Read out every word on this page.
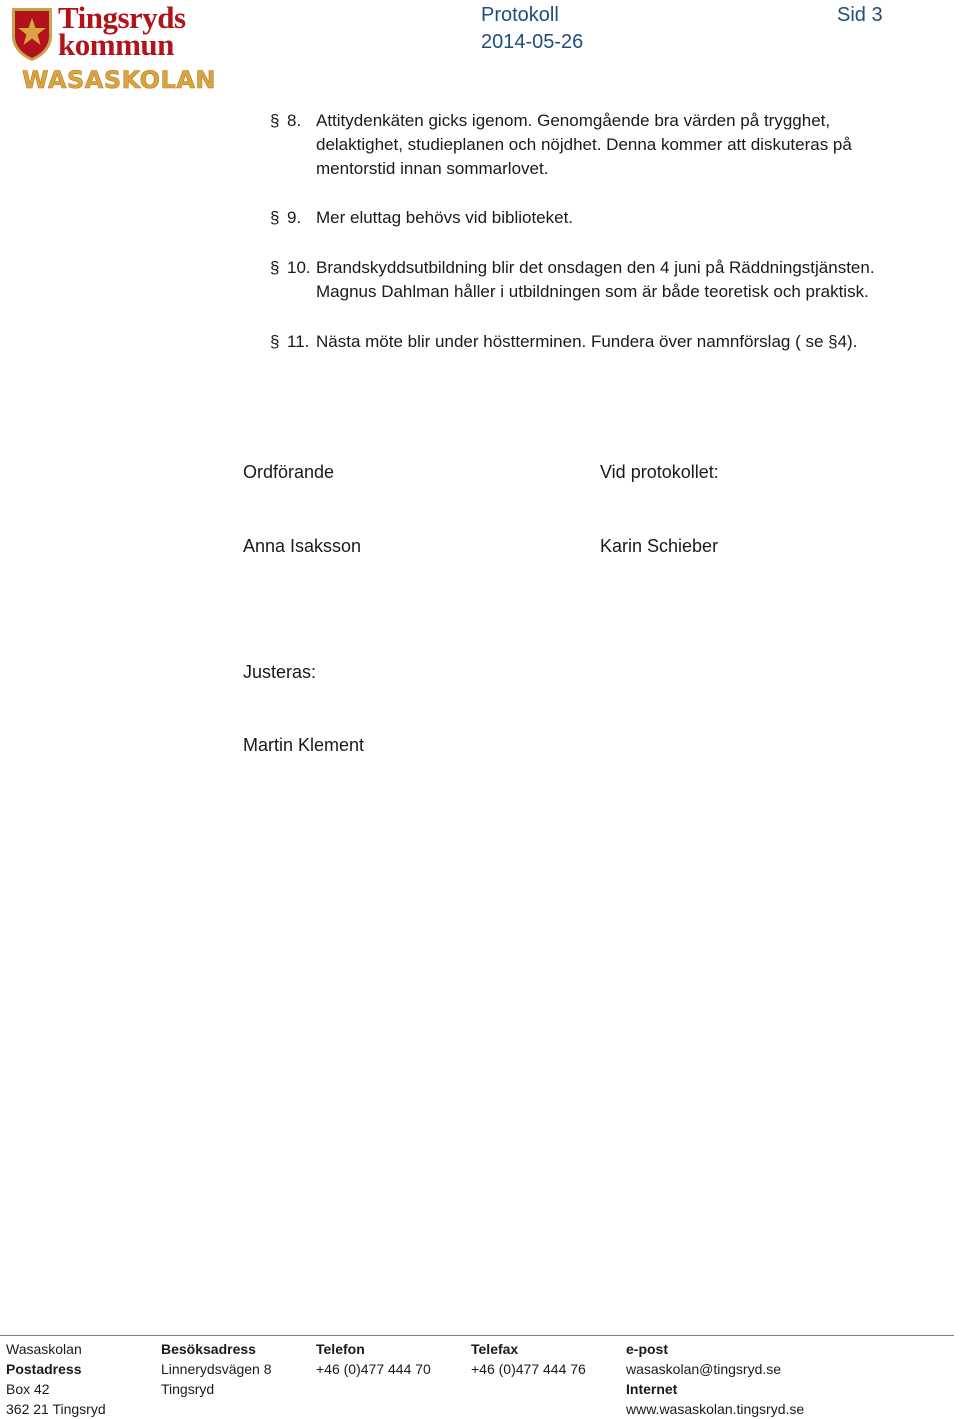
Tingsryds
kommun
WASASKOLAN
Protokoll
2014-05-26
Sid 3
§ 8. Attitydenkäten gicks igenom. Genomgående bra värden på trygghet,
delaktighet, studieplanen och nöjdhet. Denna kommer att diskuteras på
mentorstid innan sommarlovet.
§ 9. Mer eluttag behövs vid biblioteket.
§ 10. Brandskyddsutbildning blir det onsdagen den 4 juni på Räddningstjänsten.
Magnus Dahlman håller i utbildningen som är både teoretisk och praktisk.
§ 11. Nästa möte blir under höstterminen. Fundera över namnförslag ( se §4).
Ordförande	Vid protokollet:
Anna Isaksson	Karin Schieber
Justeras:
Martin Klement
Wasaskolan
Postadress
Box 42
362 21 Tingsryd
Besöksadress
Linnerydsvägen 8
Tingsryd
Telefon
+46 (0)477 444 70
Telefax
+46 (0)477 444 76
e-post
wasaskolan@tingsryd.se
Internet
www.wasaskolan.tingsryd.se
